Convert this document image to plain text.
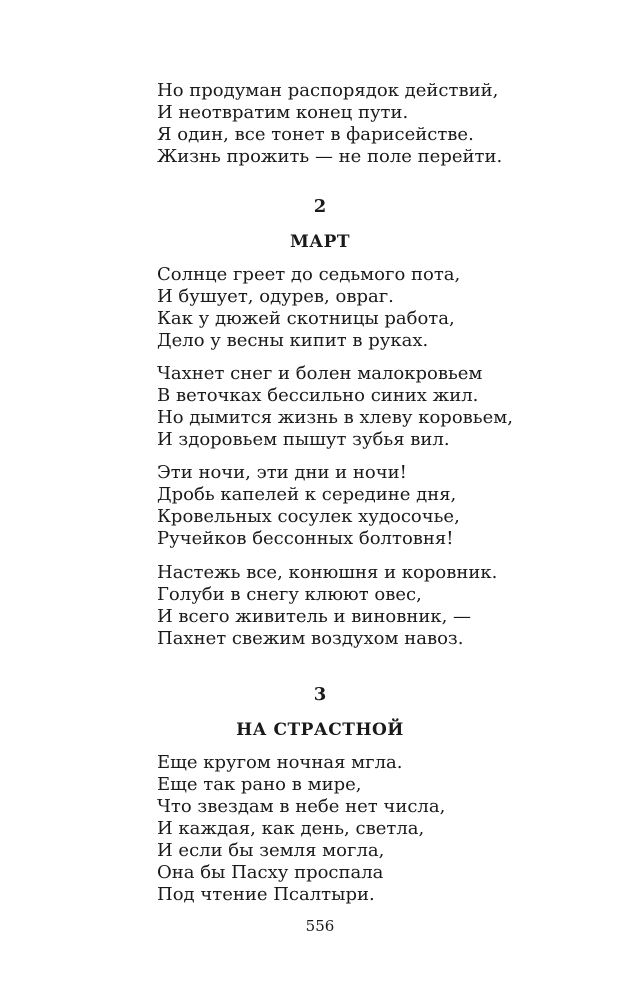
Но продуман распорядок действий,
И неотвратим конец пути.
Я один, все тонет в фарисействе.
Жизнь прожить — не поле перейти.
2
МАРТ
Солнце греет до седьмого пота,
И бушует, одурев, овраг.
Как у дюжей скотницы работа,
Дело у весны кипит в руках.
Чахнет снег и болен малокровьем
В веточках бессильно синих жил.
Но дымится жизнь в хлеву коровьем,
И здоровьем пышут зубья вил.
Эти ночи, эти дни и ночи!
Дробь капелей к середине дня,
Кровельных сосулек худосочье,
Ручейков бессонных болтовня!
Настежь все, конюшня и коровник.
Голуби в снегу клюют овес,
И всего живитель и виновник, —
Пахнет свежим воздухом навоз.
3
НА СТРАСТНОЙ
Еще кругом ночная мгла.
Еще так рано в мире,
Что звездам в небе нет числа,
И каждая, как день, светла,
И если бы земля могла,
Она бы Пасху проспала
Под чтение Псалтыри.
556
